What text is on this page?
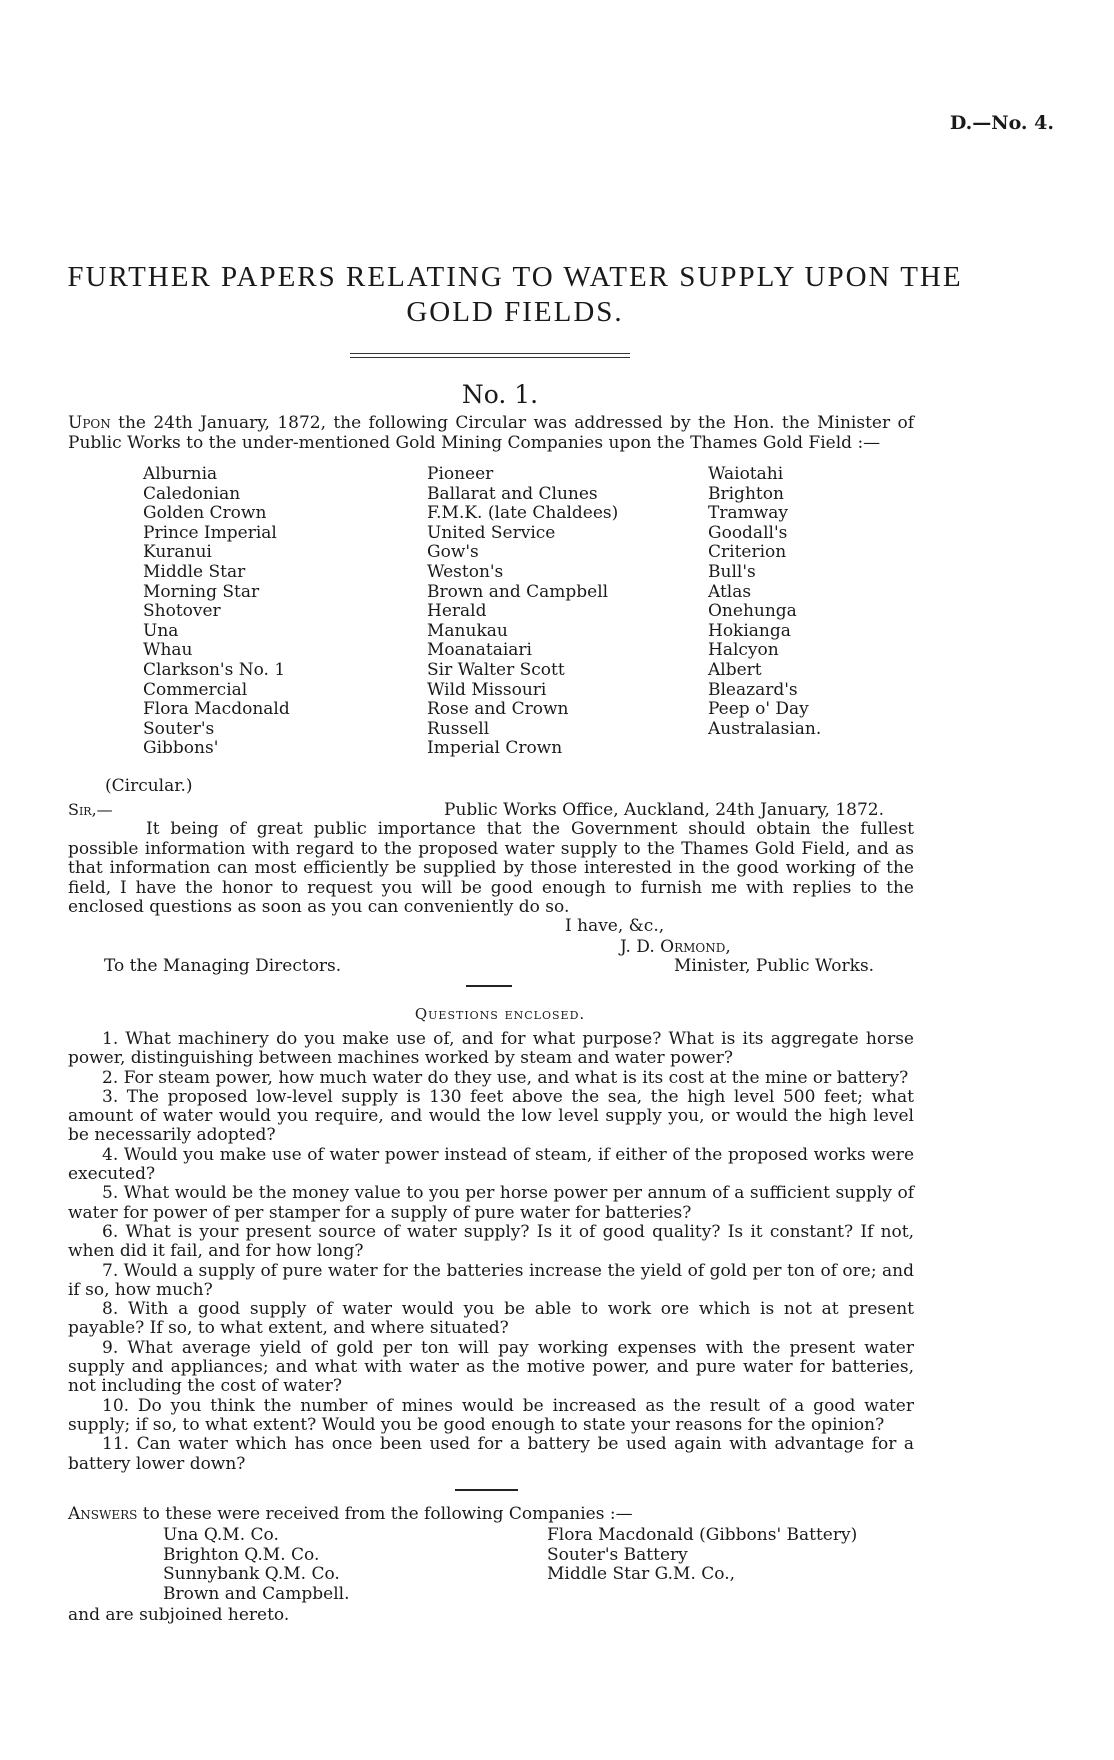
D.—No. 4.
FURTHER PAPERS RELATING TO WATER SUPPLY UPON THE GOLD FIELDS.
No. 1.
Upon the 24th January, 1872, the following Circular was addressed by the Hon. the Minister of Public Works to the under-mentioned Gold Mining Companies upon the Thames Gold Field :—
Alburnia
Caledonian
Golden Crown
Prince Imperial
Kuranui
Middle Star
Morning Star
Shotover
Una
Whau
Clarkson's No. 1
Commercial
Flora Macdonald
Souter's
Gibbons'
Pioneer
Ballarat and Clunes
F.M.K. (late Chaldees)
United Service
Gow's
Weston's
Brown and Campbell
Herald
Manukau
Moanataiari
Sir Walter Scott
Wild Missouri
Rose and Crown
Russell
Imperial Crown
Waiotahi
Brighton
Tramway
Goodall's
Criterion
Bull's
Atlas
Onehunga
Hokianga
Halcyon
Albert
Bleazard's
Peep o' Day
Australasian.
(Circular.)
Sir,—	Public Works Office, Auckland, 24th January, 1872.
It being of great public importance that the Government should obtain the fullest possible information with regard to the proposed water supply to the Thames Gold Field, and as that information can most efficiently be supplied by those interested in the good working of the field, I have the honor to request you will be good enough to furnish me with replies to the enclosed questions as soon as you can conveniently do so.
I have, &c.,
J. D. Ormond,
To the Managing Directors.	Minister, Public Works.
Questions enclosed.

1. What machinery do you make use of, and for what purpose? What is its aggregate horse power, distinguishing between machines worked by steam and water power?

2. For steam power, how much water do they use, and what is its cost at the mine or battery?

3. The proposed low-level supply is 130 feet above the sea, the high level 500 feet; what amount of water would you require, and would the low level supply you, or would the high level be necessarily adopted?

4. Would you make use of water power instead of steam, if either of the proposed works were executed?

5. What would be the money value to you per horse power per annum of a sufficient supply of water for power of per stamper for a supply of pure water for batteries?

6. What is your present source of water supply? Is it of good quality? Is it constant? If not, when did it fail, and for how long?

7. Would a supply of pure water for the batteries increase the yield of gold per ton of ore; and if so, how much?

8. With a good supply of water would you be able to work ore which is not at present payable? If so, to what extent, and where situated?

9. What average yield of gold per ton will pay working expenses with the present water supply and appliances; and what with water as the motive power, and pure water for batteries, not including the cost of water?

10. Do you think the number of mines would be increased as the result of a good water supply; if so, to what extent? Would you be good enough to state your reasons for the opinion?

11. Can water which has once been used for a battery be used again with advantage for a battery lower down?

Answers to these were received from the following Companies :—
Una Q.M. Co.
Brighton Q.M. Co.
Sunnybank Q.M. Co.
Brown and Campbell.
Flora Macdonald (Gibbons' Battery)
Souter's Battery
Middle Star G.M. Co.,
and are subjoined hereto.
